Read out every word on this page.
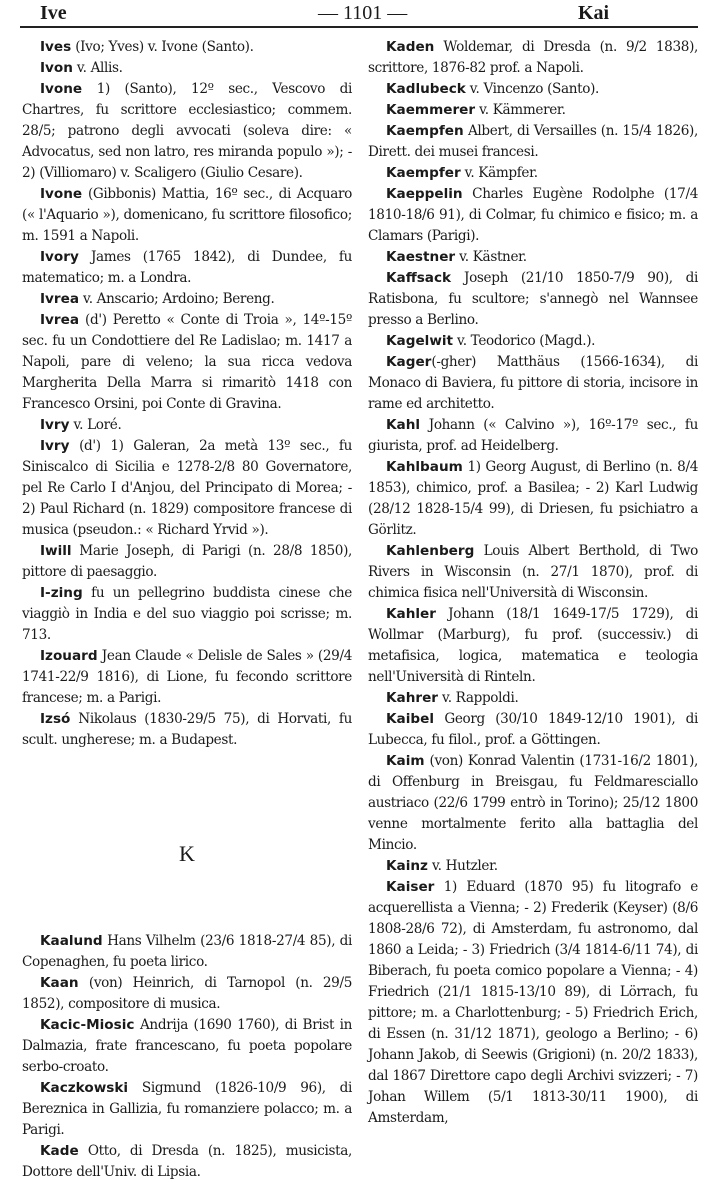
Ive	— 1101 —	Kai

Ives (Ivo; Yves) v. Ivone (Santo).

Ivon v. Allis.

Ivone 1) (Santo), 12º sec., Vescovo di Chartres, fu scrittore ecclesiastico; commem. 28/5; patrono degli avvocati (soleva dire: « Advocatus, sed non latro, res miranda populo »); - 2) (Villiomaro) v. Scaligero (Giulio Cesare).

Ivone (Gibbonis) Mattia, 16º sec., di Acquaro (« l'Aquario »), domenicano, fu scrittore filosofico; m. 1591 a Napoli.

Ivory James (1765 1842), di Dundee, fu matematico; m. a Londra.

Ivrea v. Anscario; Ardoino; Bereng.

Ivrea (d') Peretto « Conte di Troia », 14º-15º sec. fu un Condottiere del Re Ladislao; m. 1417 a Napoli, pare di veleno; la sua ricca vedova Margherita Della Marra si rimaritò 1418 con Francesco Orsini, poi Conte di Gravina.

Ivry v. Loré.

Ivry (d') 1) Galeran, 2a metà 13º sec., fu Siniscalco di Sicilia e 1278-2/8 80 Governatore, pel Re Carlo I d'Anjou, del Principato di Morea; - 2) Paul Richard (n. 1829) compositore francese di musica (pseudon.: « Richard Yrvid »).

Iwill Marie Joseph, di Parigi (n. 28/8 1850), pittore di paesaggio.

I-zing fu un pellegrino buddista cinese che viaggiò in India e del suo viaggio poi scrisse; m. 713.

Izouard Jean Claude « Delisle de Sales » (29/4 1741-22/9 1816), di Lione, fu fecondo scrittore francese; m. a Parigi.

Izsó Nikolaus (1830-29/5 75), di Horvati, fu scult. ungherese; m. a Budapest.

K

Kaalund Hans Vilhelm (23/6 1818-27/4 85), di Copenaghen, fu poeta lirico.

Kaan (von) Heinrich, di Tarnopol (n. 29/5 1852), compositore di musica.

Kacic-Miosic Andrija (1690 1760), di Brist in Dalmazia, frate francescano, fu poeta popolare serbo-croato.

Kaczkowski Sigmund (1826-10/9 96), di Bereznica in Gallizia, fu romanziere polacco; m. a Parigi.

Kade Otto, di Dresda (n. 1825), musicista, Dottore dell'Univ. di Lipsia.

Kaden Woldemar, di Dresda (n. 9/2 1838), scrittore, 1876-82 prof. a Napoli.

Kadlubeck v. Vincenzo (Santo).

Kaemmerer v. Kämmerer.

Kaempfen Albert, di Versailles (n. 15/4 1826), Dirett. dei musei francesi.

Kaempfer v. Kämpfer.

Kaeppelin Charles Eugène Rodolphe (17/4 1810-18/6 91), di Colmar, fu chimico e fisico; m. a Clamars (Parigi).

Kaestner v. Kästner.

Kaffsack Joseph (21/10 1850-7/9 90), di Ratisbona, fu scultore; s'annegò nel Wannsee presso a Berlino.

Kagelwit v. Teodorico (Magd.).

Kager(-gher) Matthäus (1566-1634), di Monaco di Baviera, fu pittore di storia, incisore in rame ed architetto.

Kahl Johann (« Calvino »), 16º-17º sec., fu giurista, prof. ad Heidelberg.

Kahlbaum 1) Georg August, di Berlino (n. 8/4 1853), chimico, prof. a Basilea; - 2) Karl Ludwig (28/12 1828-15/4 99), di Driesen, fu psichiatro a Görlitz.

Kahlenberg Louis Albert Berthold, di Two Rivers in Wisconsin (n. 27/1 1870), prof. di chimica fisica nell'Università di Wisconsin.

Kahler Johann (18/1 1649-17/5 1729), di Wollmar (Marburg), fu prof. (successiv.) di metafisica, logica, matematica e teologia nell'Università di Rinteln.

Kahrer v. Rappoldi.

Kaibel Georg (30/10 1849-12/10 1901), di Lubecca, fu filol., prof. a Göttingen.

Kaim (von) Konrad Valentin (1731-16/2 1801), di Offenburg in Breisgau, fu Feldmaresciallo austriaco (22/6 1799 entrò in Torino); 25/12 1800 venne mortalmente ferito alla battaglia del Mincio.

Kainz v. Hutzler.

Kaiser 1) Eduard (1870 95) fu litografo e acquerellista a Vienna; - 2) Frederik (Keyser) (8/6 1808-28/6 72), di Amsterdam, fu astronomo, dal 1860 a Leida; - 3) Friedrich (3/4 1814-6/11 74), di Biberach, fu poeta comico popolare a Vienna; - 4) Friedrich (21/1 1815-13/10 89), di Lörrach, fu pittore; m. a Charlottenburg; - 5) Friedrich Erich, di Essen (n. 31/12 1871), geologo a Berlino; - 6) Johann Jakob, di Seewis (Grigioni) (n. 20/2 1833), dal 1867 Direttore capo degli Archivi svizzeri; - 7) Johan Willem (5/1 1813-30/11 1900), di Amsterdam,
